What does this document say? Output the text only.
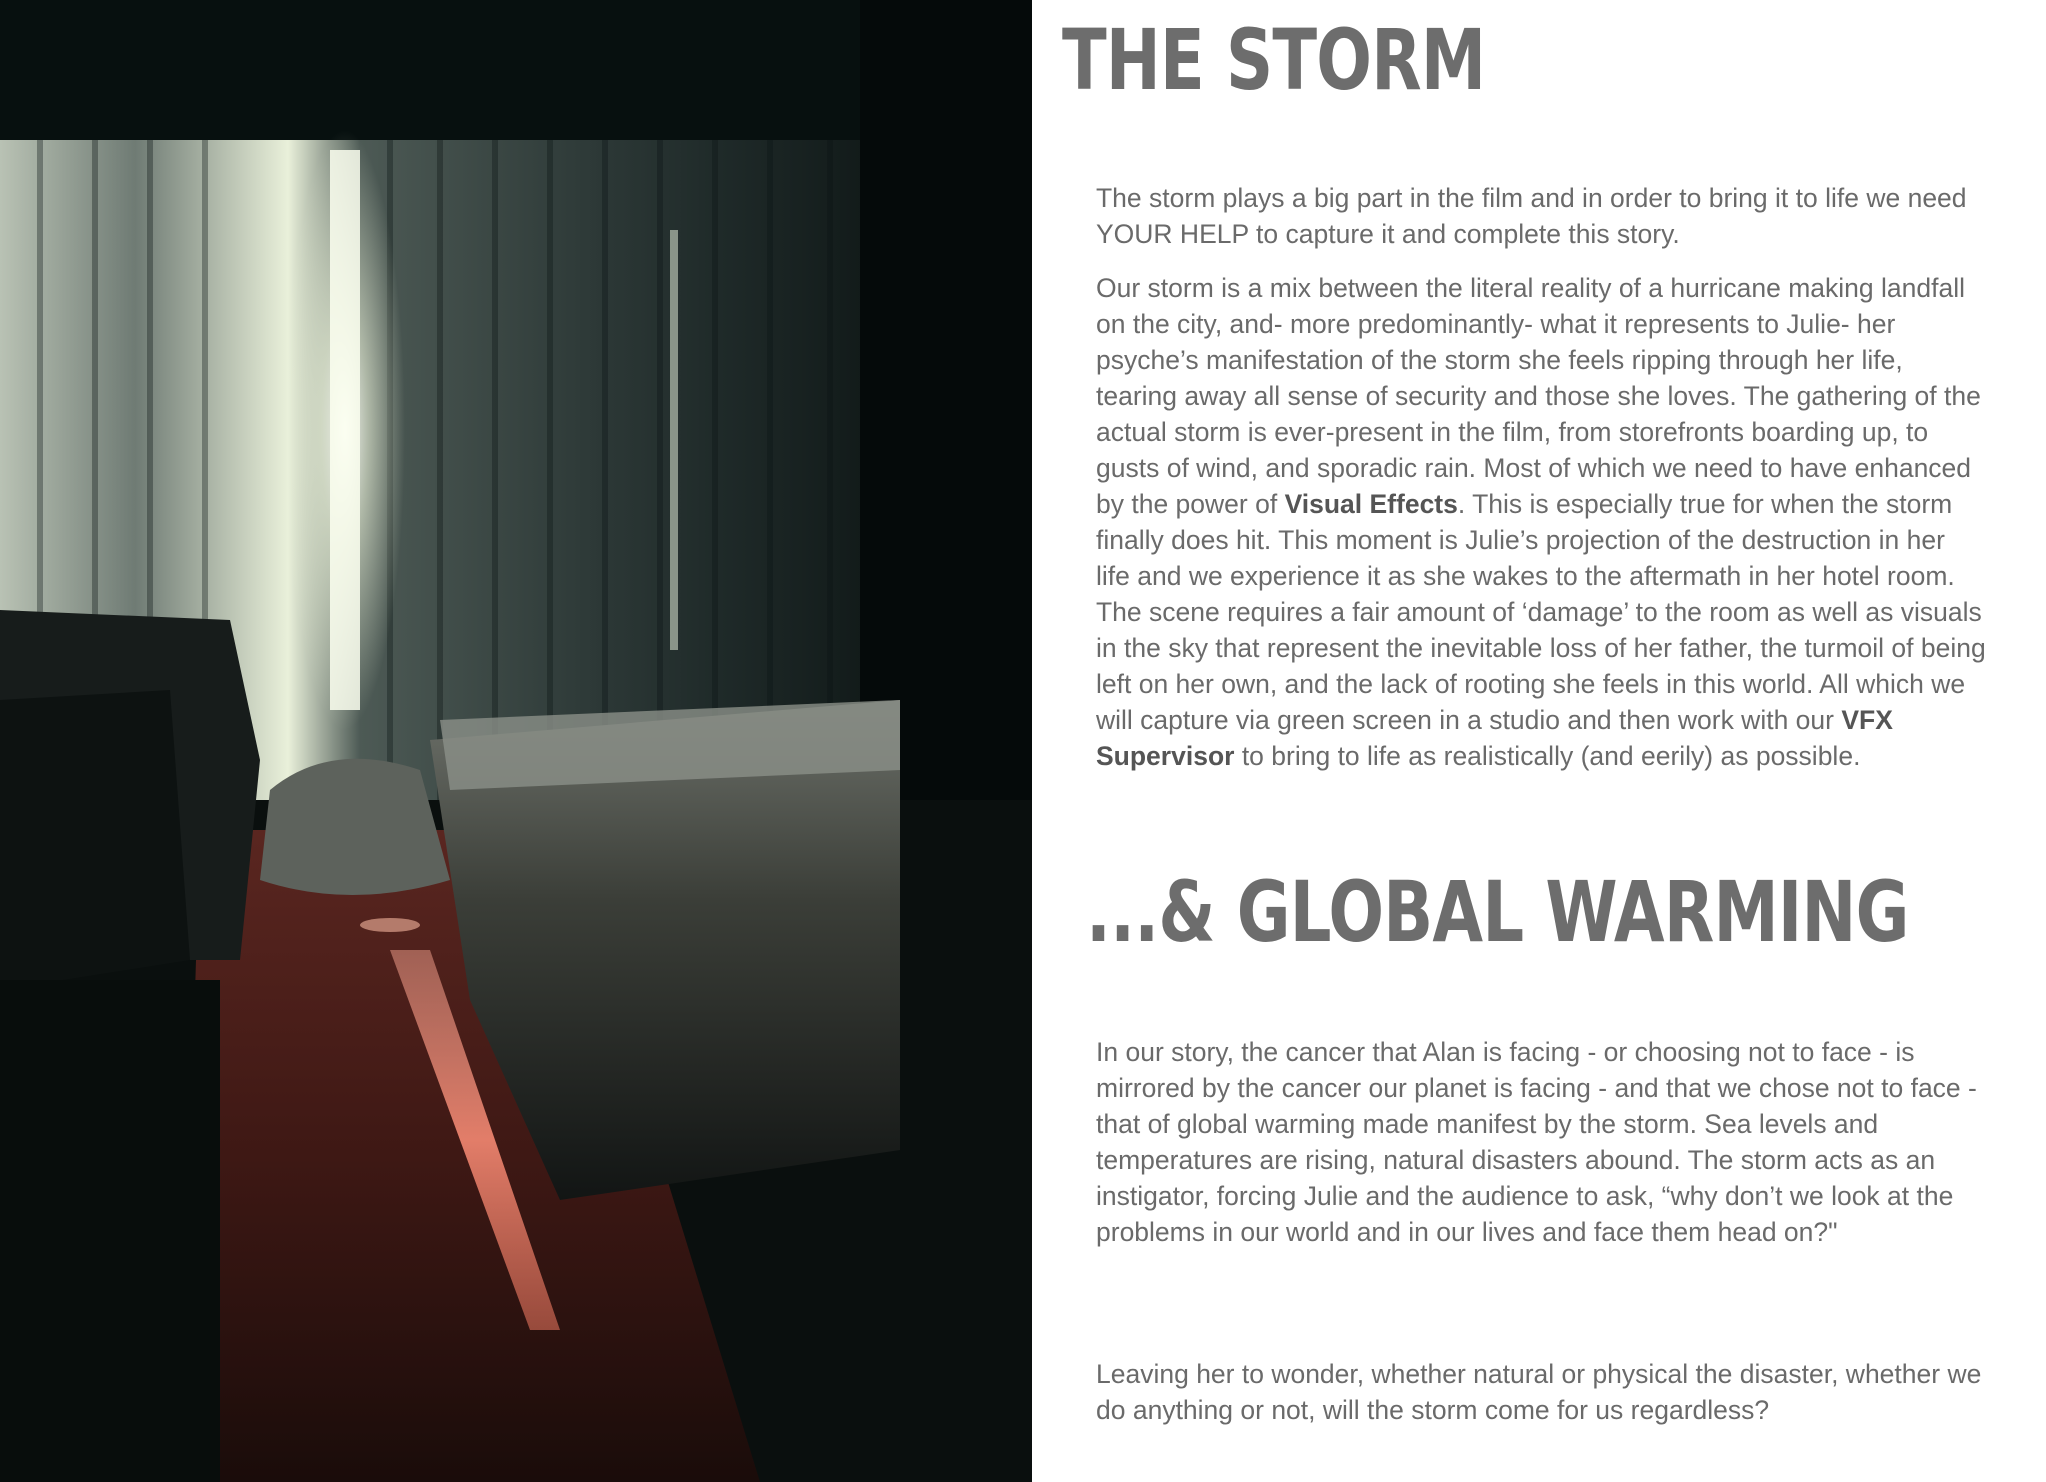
THE STORM

The storm plays a big part in the film and in order to bring it to life we need YOUR HELP to capture it and complete this story.

Our storm is a mix between the literal reality of a hurricane making landfall on the city, and- more predominantly- what it represents to Julie- her psyche’s manifestation of the storm she feels ripping through her life, tearing away all sense of security and those she loves. The gathering of the actual storm is ever-present in the film, from storefronts boarding up, to gusts of wind, and sporadic rain. Most of which we need to have enhanced by the power of Visual Effects. This is especially true for when the storm finally does hit. This moment is Julie’s projection of the destruction in her life and we experience it as she wakes to the aftermath in her hotel room. The scene requires a fair amount of ‘damage’ to the room as well as visuals in the sky that represent the inevitable loss of her father, the turmoil of being left on her own, and the lack of rooting she feels in this world. All which we will capture via green screen in a studio and then work with our VFX Supervisor to bring to life as realistically (and eerily) as possible.

...& GLOBAL WARMING

In our story, the cancer that Alan is facing - or choosing not to face - is mirrored by the cancer our planet is facing - and that we chose not to face - that of global warming made manifest by the storm. Sea levels and temperatures are rising, natural disasters abound. The storm acts as an instigator, forcing Julie and the audience to ask, “why don’t we look at the problems in our world and in our lives and face them head on?"

Leaving her to wonder, whether natural or physical the disaster, whether we do anything or not, will the storm come for us regardless?
